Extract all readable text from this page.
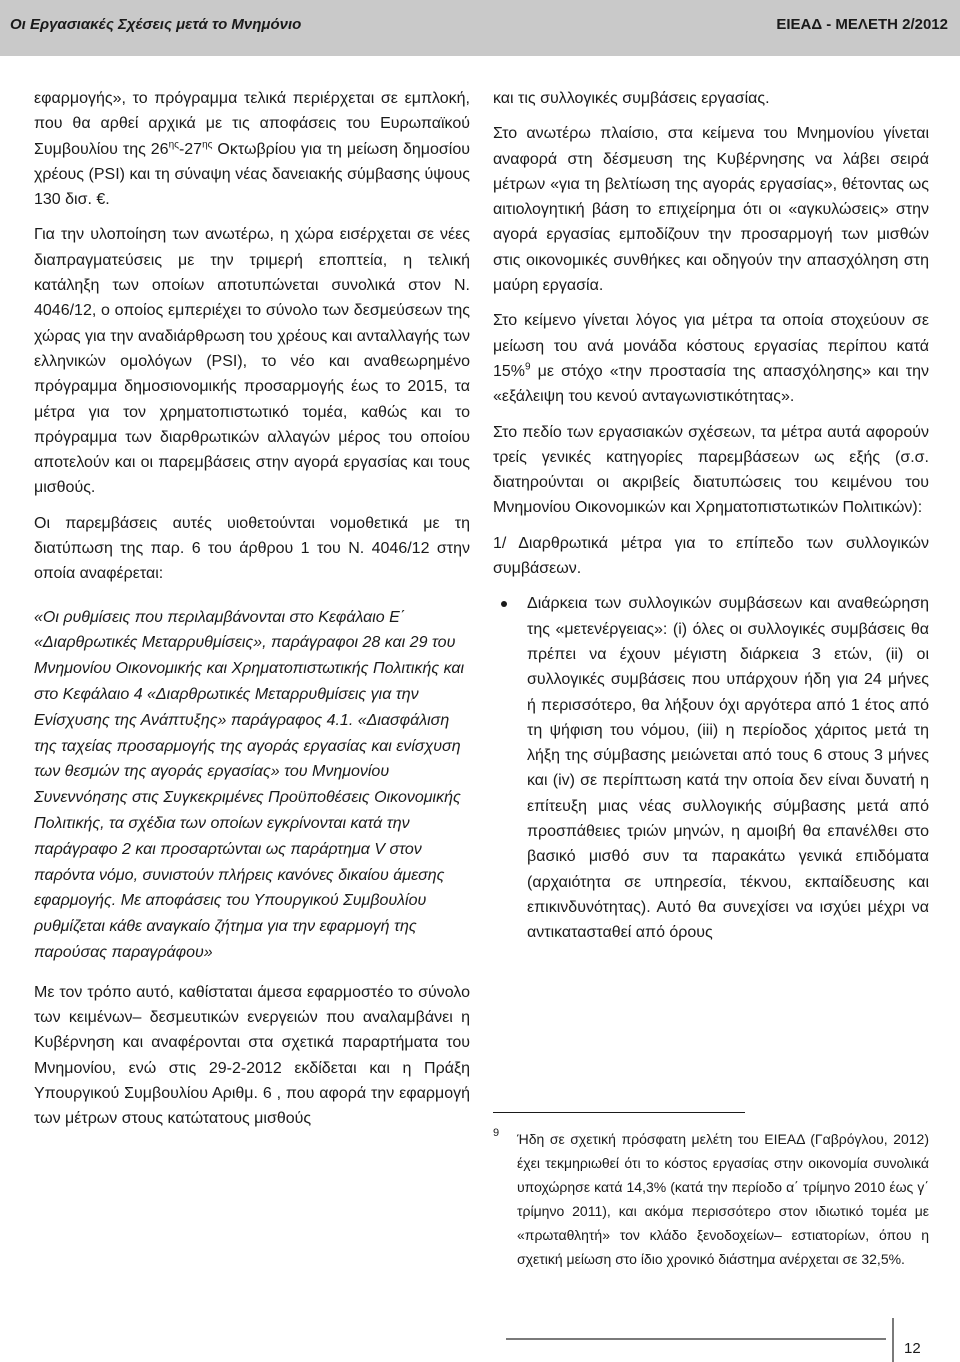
Οι Εργασιακές Σχέσεις μετά το Μνημόνιο	ΕΙΕΑΔ - ΜΕΛΕΤΗ 2/2012

εφαρμογής», το πρόγραμμα τελικά περιέρχεται σε εμπλοκή, που θα αρθεί αρχικά με τις αποφάσεις του Ευρωπαϊκού Συμβουλίου της $26^{\eta\varsigma}-27^{\eta\varsigma}$ Οκτωβρίου για τη μείωση δημοσίου χρέους (PSI) και τη σύναψη νέας δανειακής σύμβασης ύψους 130 δισ. €.

Για την υλοποίηση των ανωτέρω, η χώρα εισέρχεται σε νέες διαπραγματεύσεις με την τριμερή εποπτεία, η τελική κατάληξη των οποίων αποτυπώνεται συνολικά στον Ν. 4046/12, ο οποίος εμπεριέχει το σύνολο των δεσμεύσεων της χώρας για την αναδιάρθρωση του χρέους και ανταλλαγής των ελληνικών ομολόγων (PSI), το νέο και αναθεωρημένο πρόγραμμα δημοσιονομικής προσαρμογής έως το 2015, τα μέτρα για τον χρηματοπιστωτικό τομέα, καθώς και το πρόγραμμα των διαρθρωτικών αλλαγών μέρος του οποίου αποτελούν και οι παρεμβάσεις στην αγορά εργασίας και τους μισθούς.

Οι παρεμβάσεις αυτές υιοθετούνται νομοθετικά με τη διατύπωση της παρ. 6 του άρθρου 1 του Ν. 4046/12 στην οποία αναφέρεται:

«Οι ρυθμίσεις που περιλαμβάνονται στο Κεφάλαιο Ε΄ «Διαρθρωτικές Μεταρρυθμίσεις», παράγραφοι 28 και 29 του Μνημονίου Οικονομικής και Χρηματοπιστωτικής Πολιτικής και στο Κεφάλαιο 4 «Διαρθρωτικές Μεταρρυθμίσεις για την Ενίσχυσης της Ανάπτυξης» παράγραφος 4.1. «Διασφάλιση της ταχείας προσαρμογής της αγοράς εργασίας και ενίσχυση των θεσμών της αγοράς εργασίας» του Μνημονίου Συνεννόησης στις Συγκεκριμένες Προϋποθέσεις Οικονομικής Πολιτικής, τα σχέδια των οποίων εγκρίνονται κατά την παράγραφο 2 και προσαρτώνται ως παράρτημα V στον παρόντα νόμο, συνιστούν πλήρεις κανόνες δικαίου άμεσης εφαρμογής. Με αποφάσεις του Υπουργικού Συμβουλίου ρυθμίζεται κάθε αναγκαίο ζήτημα για την εφαρμογή της παρούσας παραγράφου»

Με τον τρόπο αυτό, καθίσταται άμεσα εφαρμοστέο το σύνολο των κειμένων– δεσμευτικών ενεργειών που αναλαμβάνει η Κυβέρνηση και αναφέρονται στα σχετικά παραρτήματα του Μνημονίου, ενώ στις 29-2-2012 εκδίδεται και η Πράξη Υπουργικού Συμβουλίου Αριθμ. 6 , που αφορά την εφαρμογή των μέτρων στους κατώτατους μισθούς

και τις συλλογικές συμβάσεις εργασίας.

Στο ανωτέρω πλαίσιο, στα κείμενα του Μνημονίου γίνεται αναφορά στη δέσμευση της Κυβέρνησης να λάβει σειρά μέτρων «για τη βελτίωση της αγοράς εργασίας», θέτοντας ως αιτιολογητική βάση το επιχείρημα ότι οι «αγκυλώσεις» στην αγορά εργασίας εμποδίζουν την προσαρμογή των μισθών στις οικονομικές συνθήκες και οδηγούν την απασχόληση στη μαύρη εργασία.

Στο κείμενο γίνεται λόγος για μέτρα τα οποία στοχεύουν σε μείωση του ανά μονάδα κόστους εργασίας περίπου κατά 15%$^9$ με στόχο «την προστασία της απασχόλησης» και την «εξάλειψη του κενού ανταγωνιστικότητας».

Στο πεδίο των εργασιακών σχέσεων, τα μέτρα αυτά αφορούν τρείς γενικές κατηγορίες παρεμβάσεων ως εξής (σ.σ. διατηρούνται οι ακριβείς διατυπώσεις του κειμένου του Μνημονίου Οικονομικών και Χρηματοπιστωτικών Πολιτικών):

1/ Διαρθρωτικά μέτρα για το επίπεδο των συλλογικών συμβάσεων.

Διάρκεια των συλλογικών συμβάσεων και αναθεώρηση της «μετενέργειας»: (i) όλες οι συλλογικές συμβάσεις θα πρέπει να έχουν μέγιστη διάρκεια 3 ετών, (ii) οι συλλογικές συμβάσεις που υπάρχουν ήδη για 24 μήνες ή περισσότερο, θα λήξουν όχι αργότερα από 1 έτος από τη ψήφιση του νόμου, (iii) η περίοδος χάριτος μετά τη λήξη της σύμβασης μειώνεται από τους 6 στους 3 μήνες και (iv) σε περίπτωση κατά την οποία δεν είναι δυνατή η επίτευξη μιας νέας συλλογικής σύμβασης μετά από προσπάθειες τριών μηνών, η αμοιβή θα επανέλθει στο βασικό μισθό συν τα παρακάτω γενικά επιδόματα (αρχαιότητα σε υπηρεσία, τέκνου, εκπαίδευσης και επικινδυνότητας). Αυτό θα συνεχίσει να ισχύει μέχρι να αντικατασταθεί από όρους
9 Ήδη σε σχετική πρόσφατη μελέτη του ΕΙΕΑΔ (Γαβρόγλου, 2012) έχει τεκμηριωθεί ότι το κόστος εργασίας στην οικονομία συνολικά υποχώρησε κατά 14,3% (κατά την περίοδο α΄ τρίμηνο 2010 έως γ΄ τρίμηνο 2011), και ακόμα περισσότερο στον ιδιωτικό τομέα με «πρωταθλητή» τον κλάδο ξενοδοχείων– εστιατορίων, όπου η σχετική μείωση στο ίδιο χρονικό διάστημα ανέρχεται σε 32,5%.
12
